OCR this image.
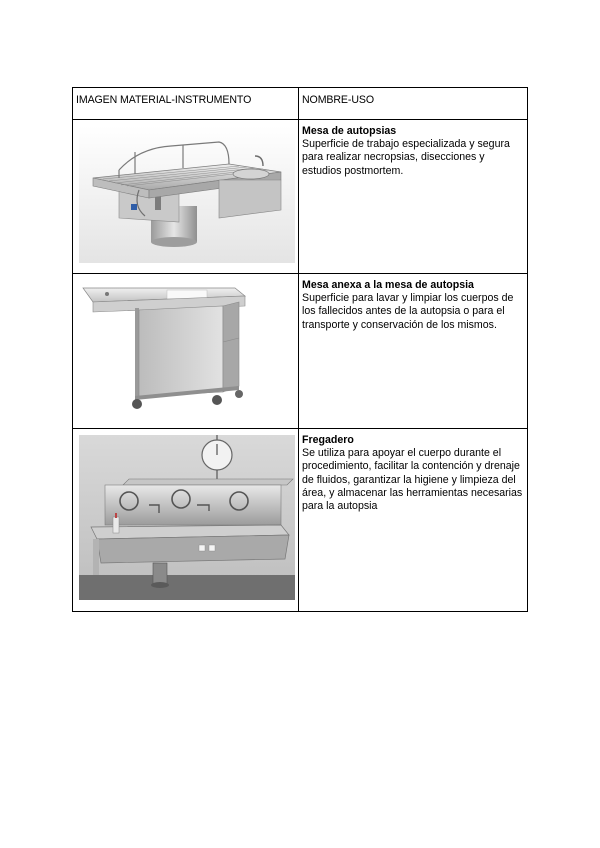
IMAGEN MATERIAL-INSTRUMENTO	NOMBRE-USO

Mesa de autopsias
Superficie de trabajo especializada y segura para realizar necropsias, disecciones y estudios postmortem.

Mesa anexa a la mesa de autopsia
Superficie para lavar y limpiar los cuerpos de los fallecidos antes de la autopsia o para el transporte y conservación de los mismos.

Fregadero
Se utiliza para apoyar el cuerpo durante el procedimiento, facilitar la contención y drenaje de fluidos, garantizar la higiene y limpieza del área, y almacenar las herramientas necesarias para la autopsia
